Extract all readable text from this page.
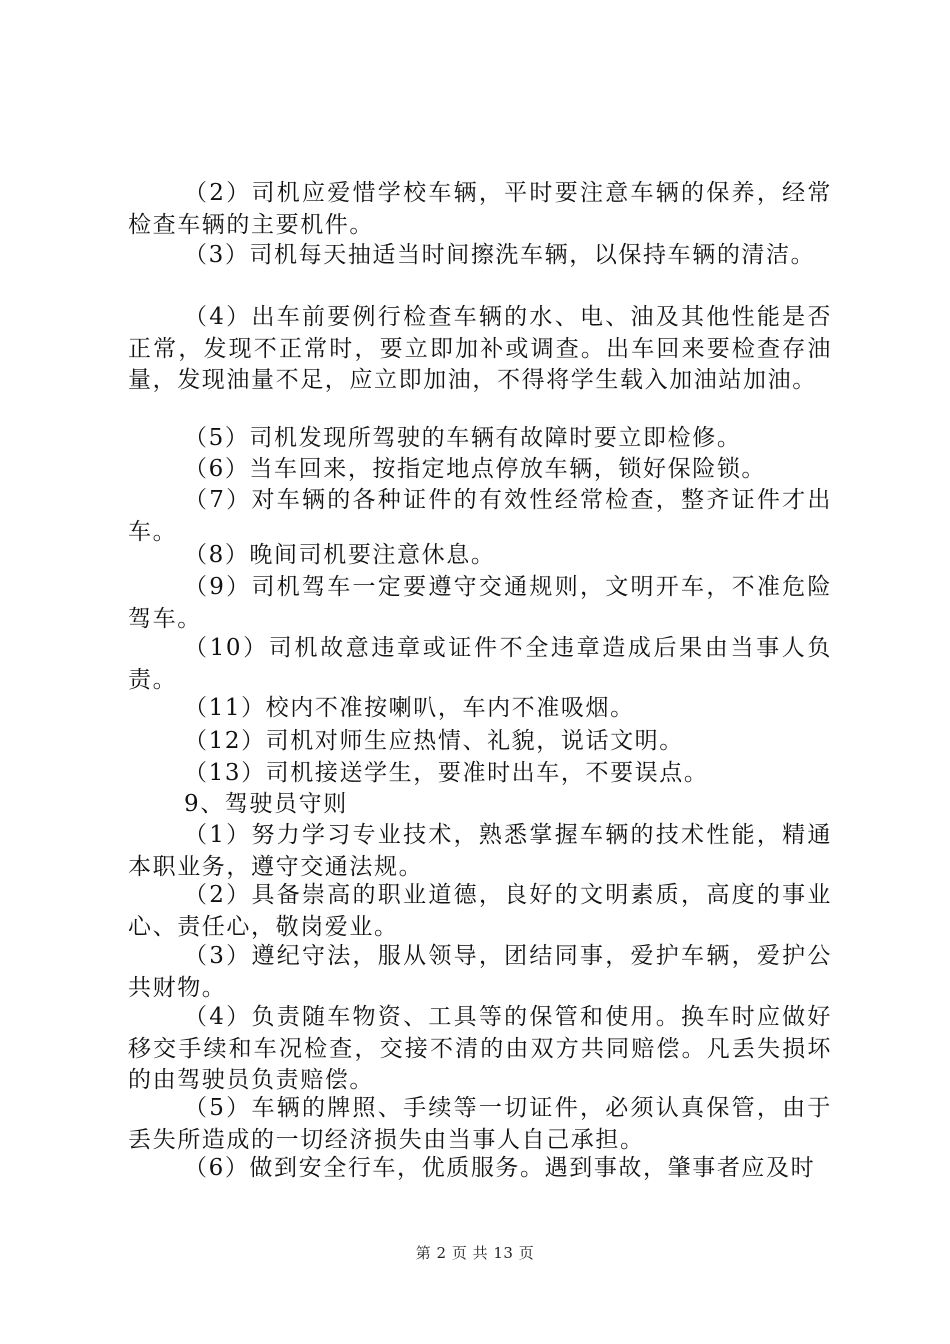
（2）司机应爱惜学校车辆，平时要注意车辆的保养，经常检查车辆的主要机件。

（3）司机每天抽适当时间擦洗车辆，以保持车辆的清洁。

（4）出车前要例行检查车辆的水、电、油及其他性能是否正常，发现不正常时，要立即加补或调查。出车回来要检查存油量，发现油量不足，应立即加油，不得将学生载入加油站加油。

（5）司机发现所驾驶的车辆有故障时要立即检修。

（6）当车回来，按指定地点停放车辆，锁好保险锁。

（7）对车辆的各种证件的有效性经常检查，整齐证件才出车。

（8）晚间司机要注意休息。

（9）司机驾车一定要遵守交通规则，文明开车，不准危险驾车。

（10）司机故意违章或证件不全违章造成后果由当事人负责。

（11）校内不准按喇叭，车内不准吸烟。

（12）司机对师生应热情、礼貌，说话文明。

（13）司机接送学生，要准时出车，不要误点。

9、驾驶员守则

（1）努力学习专业技术，熟悉掌握车辆的技术性能，精通本职业务，遵守交通法规。

（2）具备崇高的职业道德，良好的文明素质，高度的事业心、责任心，敬岗爱业。

（3）遵纪守法，服从领导，团结同事，爱护车辆，爱护公共财物。

（4）负责随车物资、工具等的保管和使用。换车时应做好移交手续和车况检查，交接不清的由双方共同赔偿。凡丢失损坏的由驾驶员负责赔偿。

（5）车辆的牌照、手续等一切证件，必须认真保管，由于丢失所造成的一切经济损失由当事人自己承担。

（6）做到安全行车，优质服务。遇到事故，肇事者应及时

第 2 页 共 13 页
